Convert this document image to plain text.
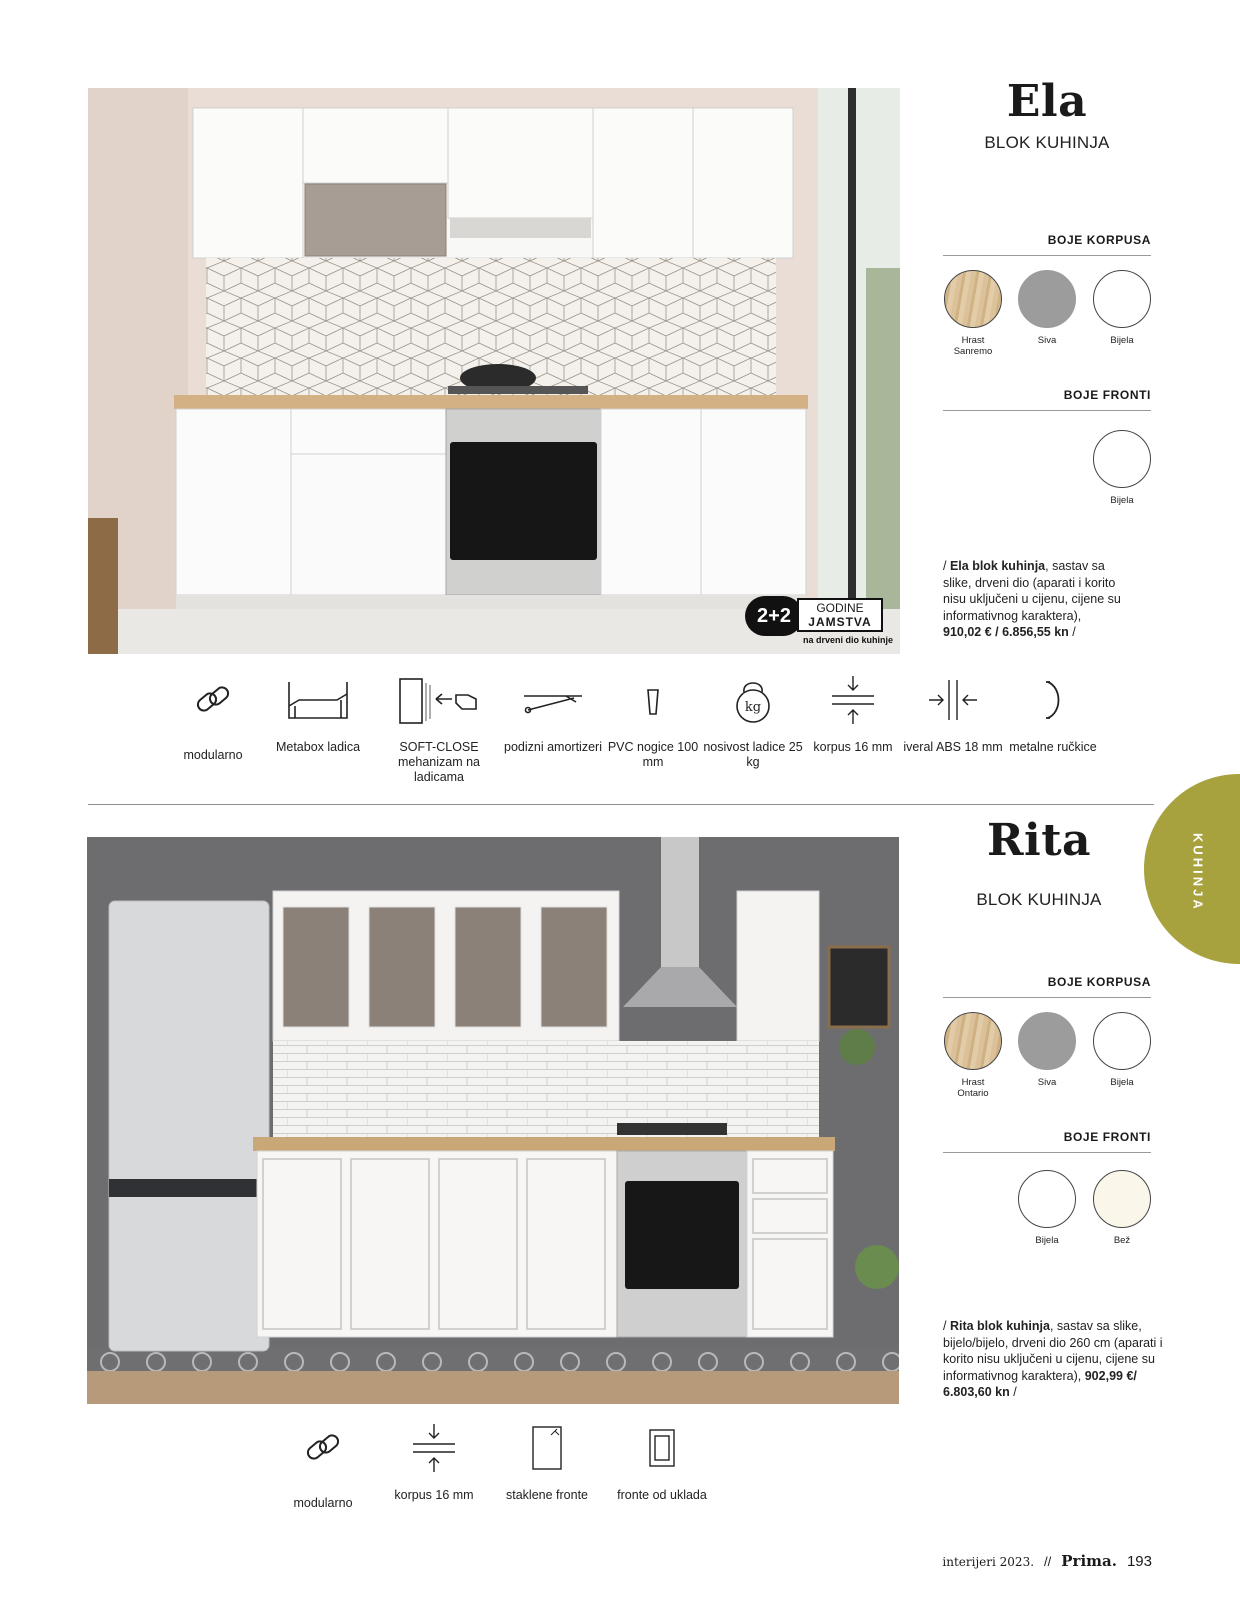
2+2	GODINE
JAMSTVA
na drveni dio kuhinje
Ela
BLOK KUHINJA
BOJE KORPUSA
Hrast Sanremo
Siva	Bijela
BOJE FRONTI
Bijela
/ Ela blok kuhinja, sastav sa slike, drveni dio (aparati i korito nisu uključeni u cijenu, cijene su informativnog karaktera), 910,02 € / 6.856,55 kn /
modularno
Metabox ladica	SOFT-CLOSE mehanizam na ladicama
podizni amortizeri PVC nogice 100 mm
kg
nosivost ladice 25 kg
korpus 16 mm iveral ABS 18 mm metalne ručkice
KUHINJA
Rita
BLOK KUHINJA
BOJE KORPUSA
Hrast Ontario
Siva	Bijela
BOJE FRONTI
Bijela	Bež
/ Rita blok kuhinja, sastav sa slike, bijelo/bijelo, drveni dio 260 cm (aparati i korito nisu uključeni u cijenu, cijene su informativnog karaktera), 902,99 €/ 6.803,60 kn /
modularno
korpus 16 mm	staklene fronte	fronte od uklada
interijeri 2023. // Prima. 193
